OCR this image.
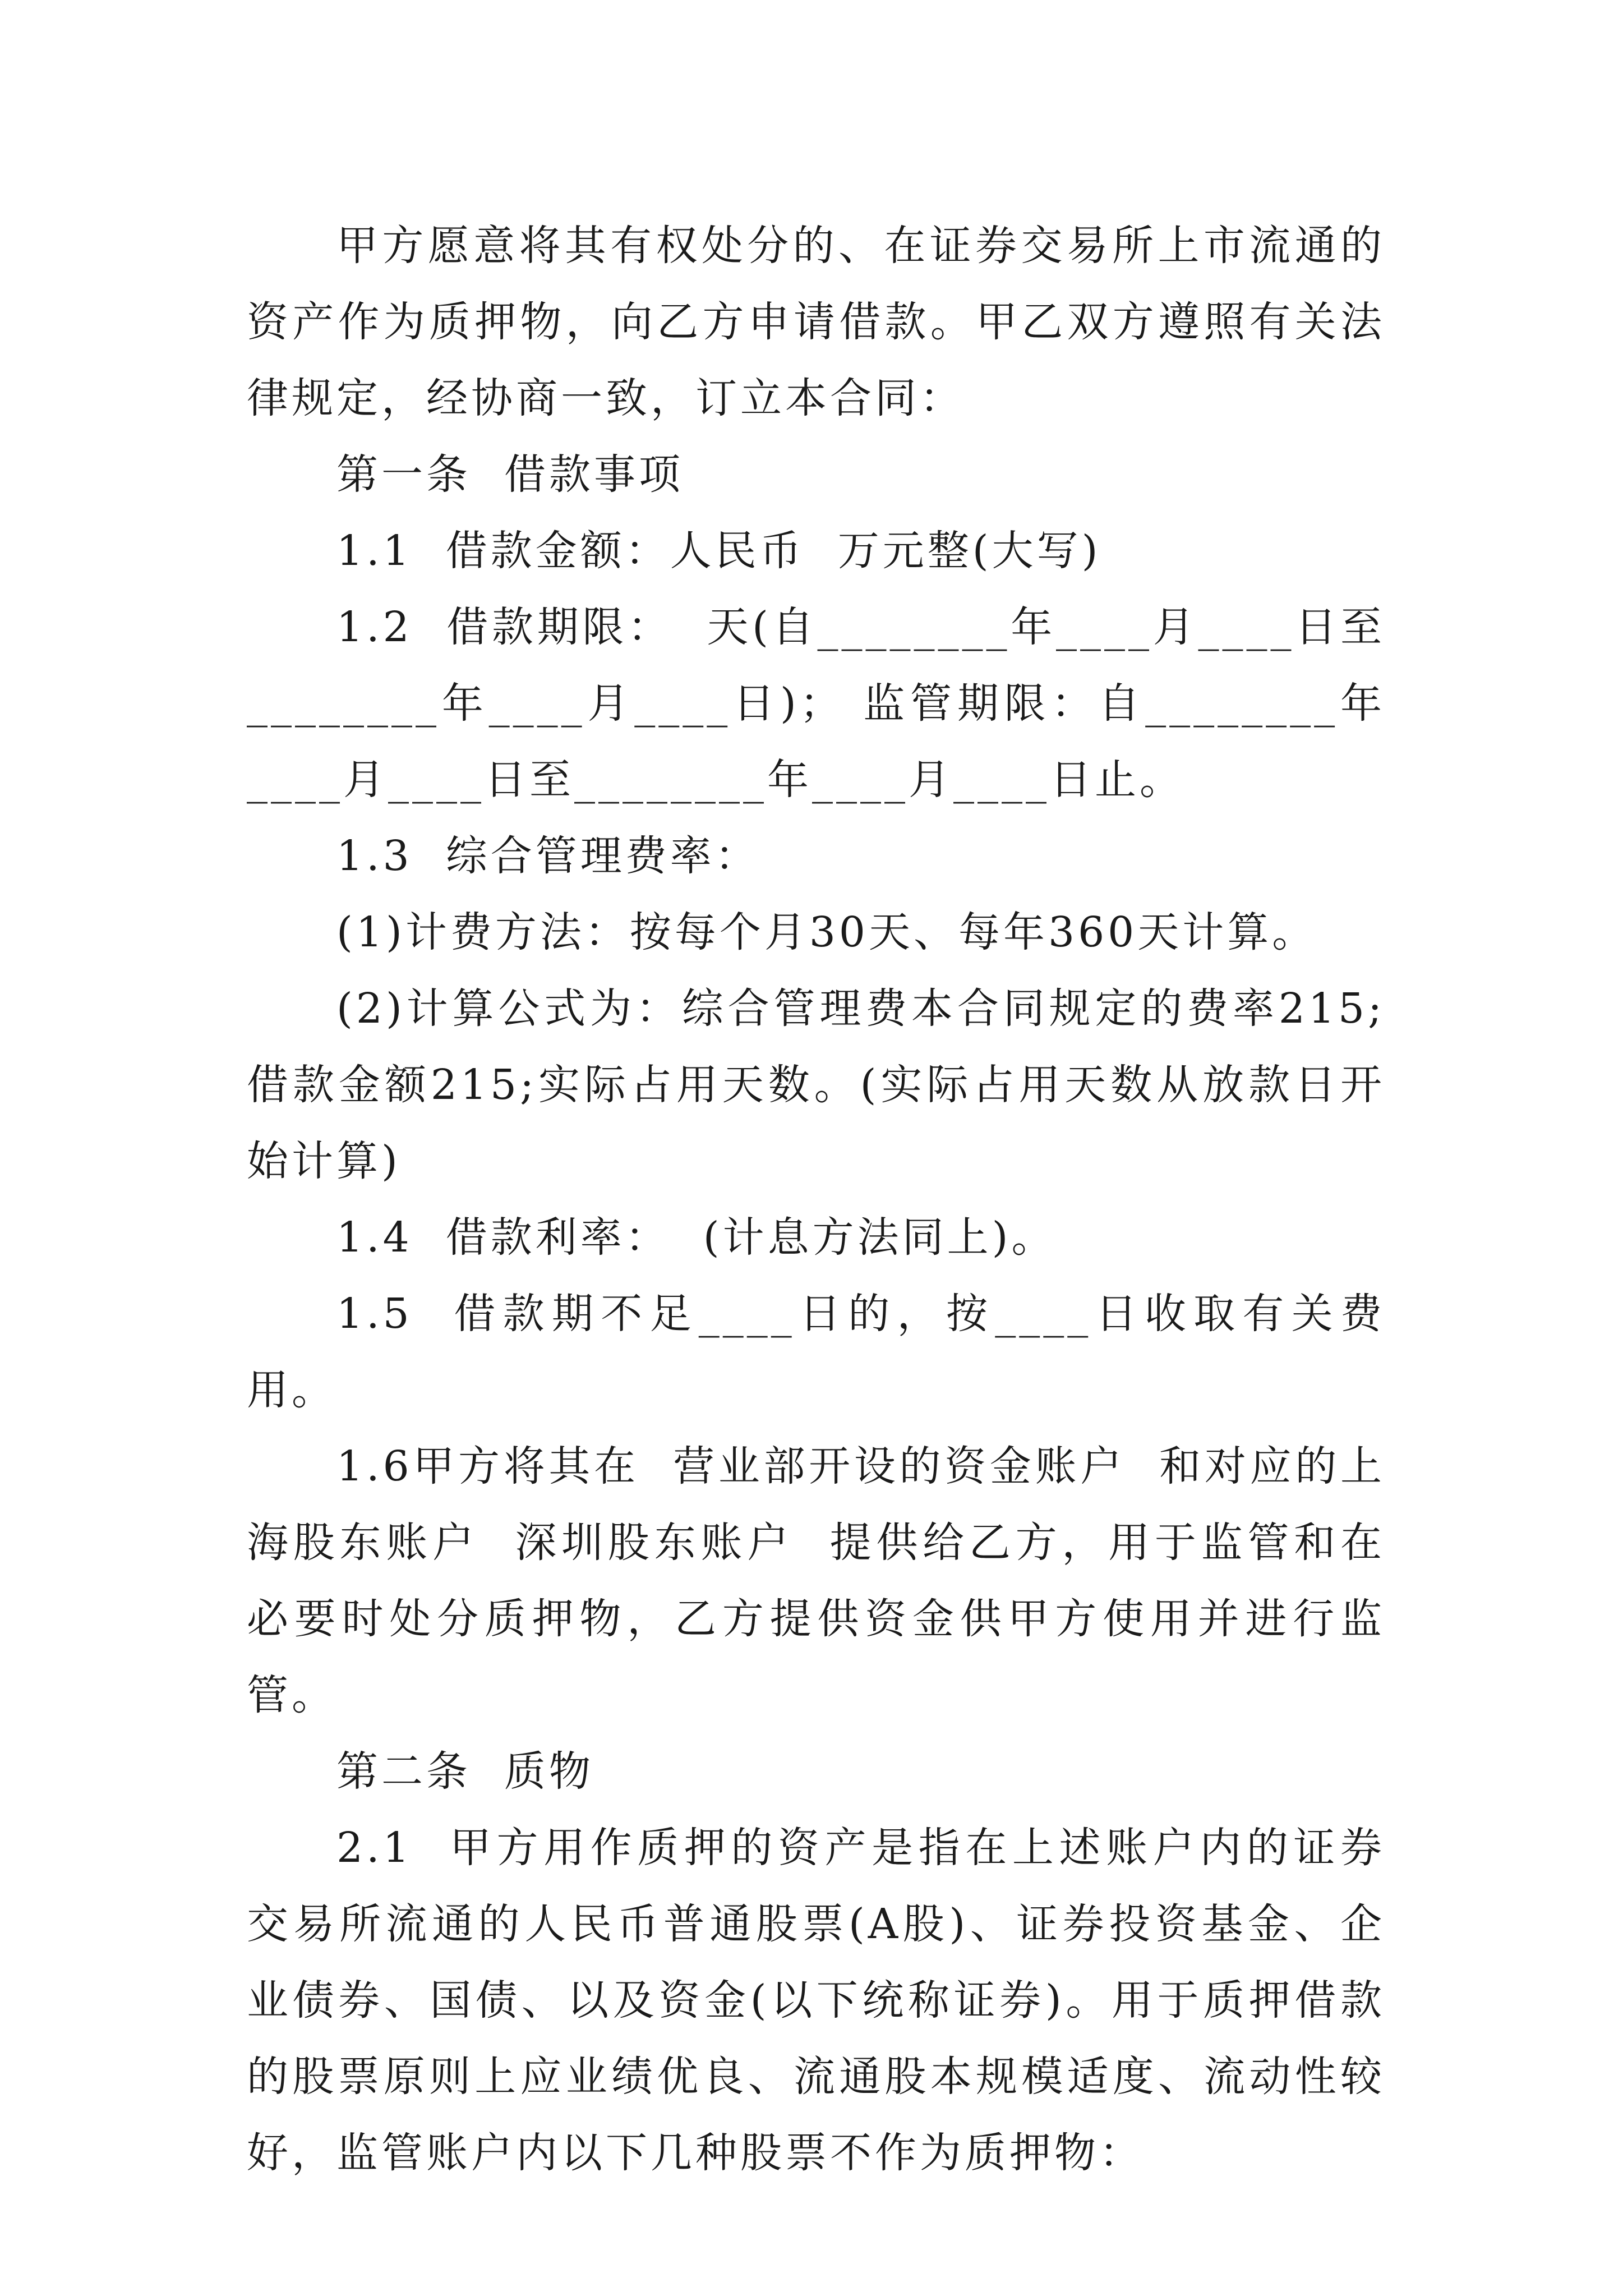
甲方愿意将其有权处分的、在证券交易所上市流通的资产作为质押物，向乙方申请借款。甲乙双方遵照有关法律规定，经协商一致，订立本合同：

第一条  借款事项

1.1  借款金额：人民币  万元整(大写)

1.2  借款期限：  天(自________年____月____日至________年____月____日)； 监管期限：自________年____月____日至________年____月____日止。

1.3  综合管理费率：

(1)计费方法：按每个月30天、每年360天计算。

(2)计算公式为：综合管理费本合同规定的费率215;借款金额215;实际占用天数。(实际占用天数从放款日开始计算)

1.4  借款利率：  (计息方法同上)。

1.5  借款期不足____日的，按____日收取有关费用。

1.6甲方将其在  营业部开设的资金账户  和对应的上海股东账户  深圳股东账户  提供给乙方，用于监管和在必要时处分质押物，乙方提供资金供甲方使用并进行监管。

第二条  质物

2.1  甲方用作质押的资产是指在上述账户内的证券交易所流通的人民币普通股票(A股)、证券投资基金、企业债券、国债、以及资金(以下统称证券)。用于质押借款的股票原则上应业绩优良、流通股本规模适度、流动性较好，监管账户内以下几种股票不作为质押物：
